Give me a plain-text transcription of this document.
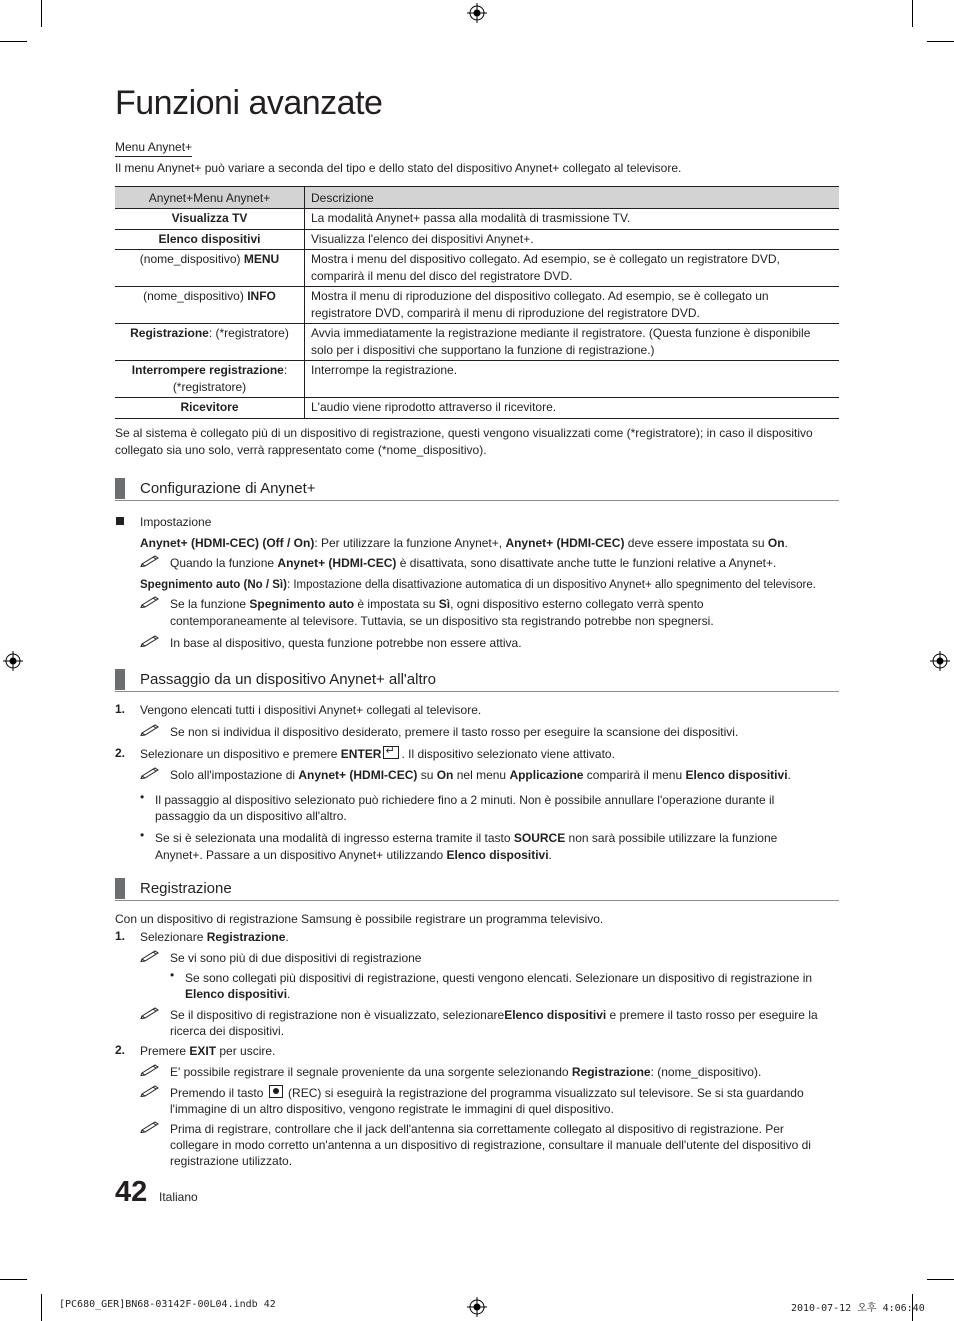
Funzioni avanzate
Menu Anynet+
Il menu Anynet+ può variare a seconda del tipo e dello stato del dispositivo Anynet+ collegato al televisore.
Anynet+Menu Anynet+	Descrizione
Visualizza TV	La modalità Anynet+ passa alla modalità di trasmissione TV.
Elenco dispositivi	Visualizza l'elenco dei dispositivi Anynet+.
(nome_dispositivo) MENU	Mostra i menu del dispositivo collegato. Ad esempio, se è collegato un registratore DVD,
comparirà il menu del disco del registratore DVD.
(nome_dispositivo) INFO	Mostra il menu di riproduzione del dispositivo collegato. Ad esempio, se è collegato un
registratore DVD, comparirà il menu di riproduzione del registratore DVD.
Registrazione: (*registratore)	Avvia immediatamente la registrazione mediante il registratore. (Questa funzione è disponibile
solo per i dispositivi che supportano la funzione di registrazione.)
Interrompere registrazione:
(*registratore)	Interrompe la registrazione.
Ricevitore	L'audio viene riprodotto attraverso il ricevitore.
Se al sistema è collegato più di un dispositivo di registrazione, questi vengono visualizzati come (*registratore); in caso il dispositivo
collegato sia uno solo, verrà rappresentato come (*nome_dispositivo).
Configurazione di Anynet+
Impostazione
Anynet+ (HDMI-CEC) (Off / On): Per utilizzare la funzione Anynet+, Anynet+ (HDMI-CEC) deve essere impostata su On.
Quando la funzione Anynet+ (HDMI-CEC) è disattivata, sono disattivate anche tutte le funzioni relative a Anynet+.
Spegnimento auto (No / Sì): Impostazione della disattivazione automatica di un dispositivo Anynet+ allo spegnimento del televisore.
Se la funzione Spegnimento auto è impostata su Sì, ogni dispositivo esterno collegato verrà spento
contemporaneamente al televisore. Tuttavia, se un dispositivo sta registrando potrebbe non spegnersi.
In base al dispositivo, questa funzione potrebbe non essere attiva.
Passaggio da un dispositivo Anynet+ all'altro
1. Vengono elencati tutti i dispositivi Anynet+ collegati al televisore.
Se non si individua il dispositivo desiderato, premere il tasto rosso per eseguire la scansione dei dispositivi.
2. Selezionare un dispositivo e premere ENTER ↵ . Il dispositivo selezionato viene attivato.
Solo all'impostazione di Anynet+ (HDMI-CEC) su On nel menu Applicazione comparirà il menu Elenco dispositivi.
• Il passaggio al dispositivo selezionato può richiedere fino a 2 minuti. Non è possibile annullare l'operazione durante il
passaggio da un dispositivo all'altro.
• Se si è selezionata una modalità di ingresso esterna tramite il tasto SOURCE non sarà possibile utilizzare la funzione
Anynet+. Passare a un dispositivo Anynet+ utilizzando Elenco dispositivi.
Registrazione
Con un dispositivo di registrazione Samsung è possibile registrare un programma televisivo.
1. Selezionare Registrazione.
Se vi sono più di due dispositivi di registrazione
• Se sono collegati più dispositivi di registrazione, questi vengono elencati. Selezionare un dispositivo di registrazione in
Elenco dispositivi.
Se il dispositivo di registrazione non è visualizzato, selezionareElenco dispositivi e premere il tasto rosso per eseguire la
ricerca dei dispositivi.
2. Premere EXIT per uscire.
E' possibile registrare il segnale proveniente da una sorgente selezionando Registrazione: (nome_dispositivo).
Premendo il tasto  (REC) si eseguirà la registrazione del programma visualizzato sul televisore. Se si sta guardando
l'immagine di un altro dispositivo, vengono registrate le immagini di quel dispositivo.
Prima di registrare, controllare che il jack dell'antenna sia correttamente collegato al dispositivo di registrazione. Per
collegare in modo corretto un'antenna a un dispositivo di registrazione, consultare il manuale dell'utente del dispositivo di
registrazione utilizzato.
42 Italiano
[PC680_GER]BN68-03142F-00L04.indb 42	2010-07-12 오후 4:06:40
